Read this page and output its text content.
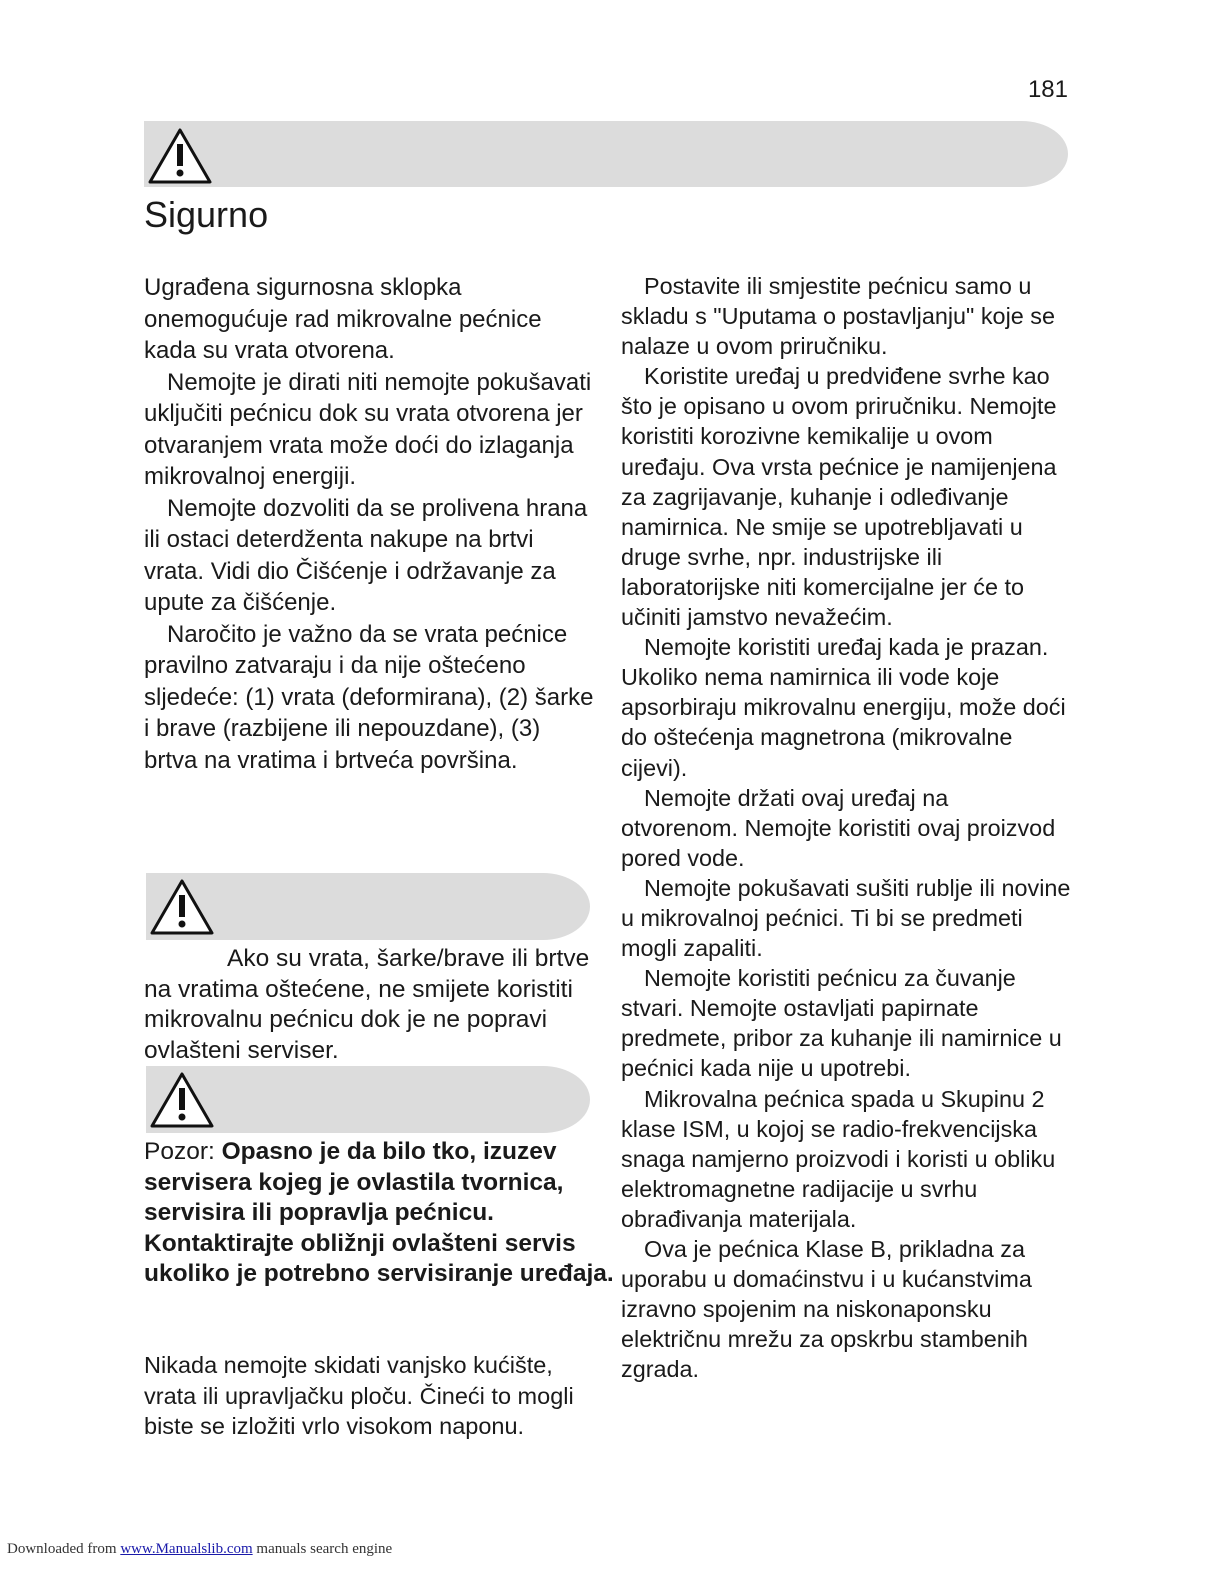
181
Sigurno

Ugrađena sigurnosna sklopka onemogućuje rad mikrovalne pećnice kada su vrata otvorena.

Nemojte je dirati niti nemojte pokušavati uključiti pećnicu dok su vrata otvorena jer otvaranjem vrata može doći do izlaganja mikrovalnoj energiji.

Nemojte dozvoliti da se prolivena hrana ili ostaci deterdženta nakupe na brtvi vrata. Vidi dio Čišćenje i održavanje za upute za čišćenje.

Naročito je važno da se vrata pećnice pravilno zatvaraju i da nije oštećeno sljedeće: (1) vrata (deformirana), (2) šarke i brave (razbijene ili nepouzdane), (3) brtva na vratima i brtveća površina.

Ako su vrata, šarke/brave ili brtve na vratima oštećene, ne smijete koristiti mikrovalnu pećnicu dok je ne popravi ovlašteni serviser.

Pozor: Opasno je da bilo tko, izuzev servisera kojeg je ovlastila tvornica, servisira ili popravlja pećnicu. Kontaktirajte obližnji ovlašteni servis ukoliko je potrebno servisiranje uređaja.

Nikada nemojte skidati vanjsko kućište, vrata ili upravljačku ploču. Čineći to mogli biste se izložiti vrlo visokom naponu.

Postavite ili smjestite pećnicu samo u skladu s "Uputama o postavljanju" koje se nalaze u ovom priručniku.

Koristite uređaj u predviđene svrhe kao što je opisano u ovom priručniku. Nemojte koristiti korozivne kemikalije u ovom uređaju. Ova vrsta pećnice je namijenjena za zagrijavanje, kuhanje i odleđivanje namirnica. Ne smije se upotrebljavati u druge svrhe, npr. industrijske ili laboratorijske niti komercijalne jer će to učiniti jamstvo nevažećim.

Nemojte koristiti uređaj kada je prazan. Ukoliko nema namirnica ili vode koje apsorbiraju mikrovalnu energiju, može doći do oštećenja magnetrona (mikrovalne cijevi).

Nemojte držati ovaj uređaj na otvorenom. Nemojte koristiti ovaj proizvod pored vode.

Nemojte pokušavati sušiti rublje ili novine u mikrovalnoj pećnici. Ti bi se predmeti mogli zapaliti.

Nemojte koristiti pećnicu za čuvanje stvari. Nemojte ostavljati papirnate predmete, pribor za kuhanje ili namirnice u pećnici kada nije u upotrebi.

Mikrovalna pećnica spada u Skupinu 2 klase ISM, u kojoj se radio-frekvencijska snaga namjerno proizvodi i koristi u obliku elektromagnetne radijacije u svrhu obrađivanja materijala.

Ova je pećnica Klase B, prikladna za uporabu u domaćinstvu i u kućanstvima izravno spojenim na niskonaponsku električnu mrežu za opskrbu stambenih zgrada.

Downloaded from www.Manualslib.com manuals search engine
